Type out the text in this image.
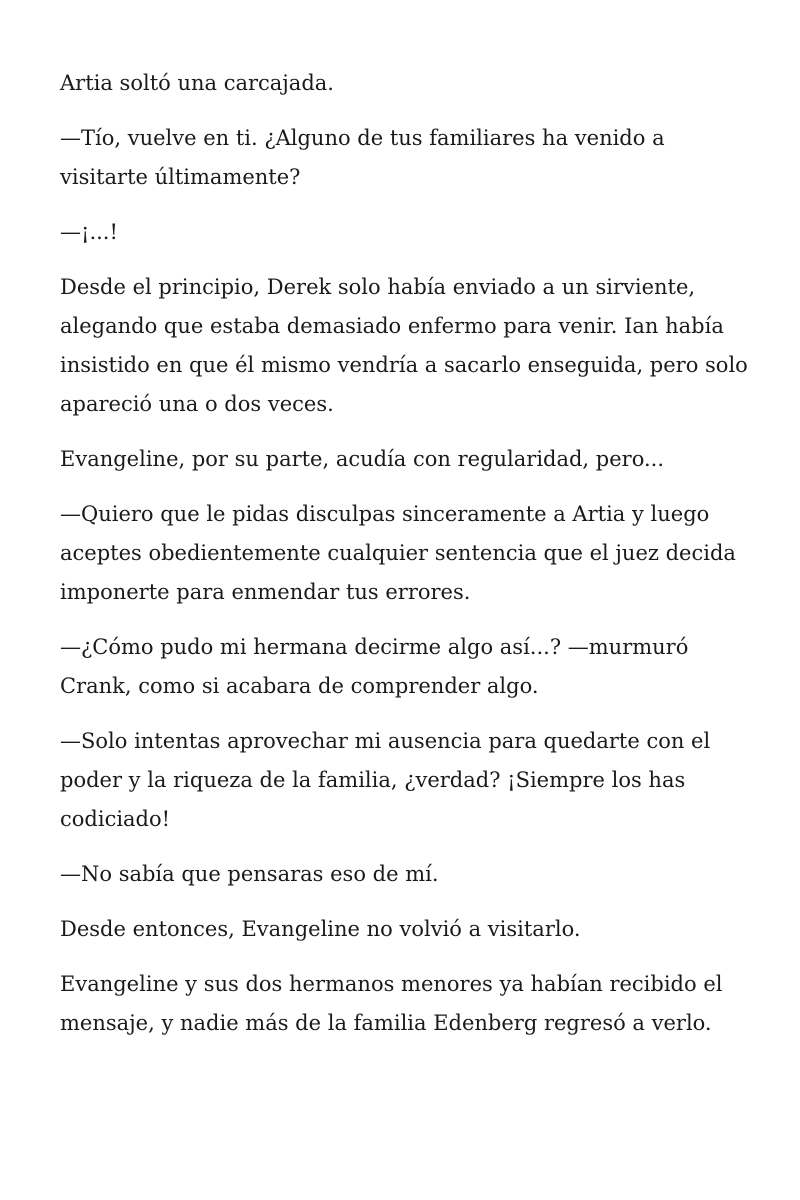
Artia soltó una carcajada.

—Tío, vuelve en ti. ¿Alguno de tus familiares ha venido a visitarte últimamente?

—¡...!

Desde el principio, Derek solo había enviado a un sirviente, alegando que estaba demasiado enfermo para venir. Ian había insistido en que él mismo vendría a sacarlo enseguida, pero solo apareció una o dos veces.

Evangeline, por su parte, acudía con regularidad, pero...

—Quiero que le pidas disculpas sinceramente a Artia y luego aceptes obedientemente cualquier sentencia que el juez decida imponerte para enmendar tus errores.

—¿Cómo pudo mi hermana decirme algo así...? —murmuró Crank, como si acabara de comprender algo.

—Solo intentas aprovechar mi ausencia para quedarte con el poder y la riqueza de la familia, ¿verdad? ¡Siempre los has codiciado!

—No sabía que pensaras eso de mí.

Desde entonces, Evangeline no volvió a visitarlo.

Evangeline y sus dos hermanos menores ya habían recibido el mensaje, y nadie más de la familia Edenberg regresó a verlo.
